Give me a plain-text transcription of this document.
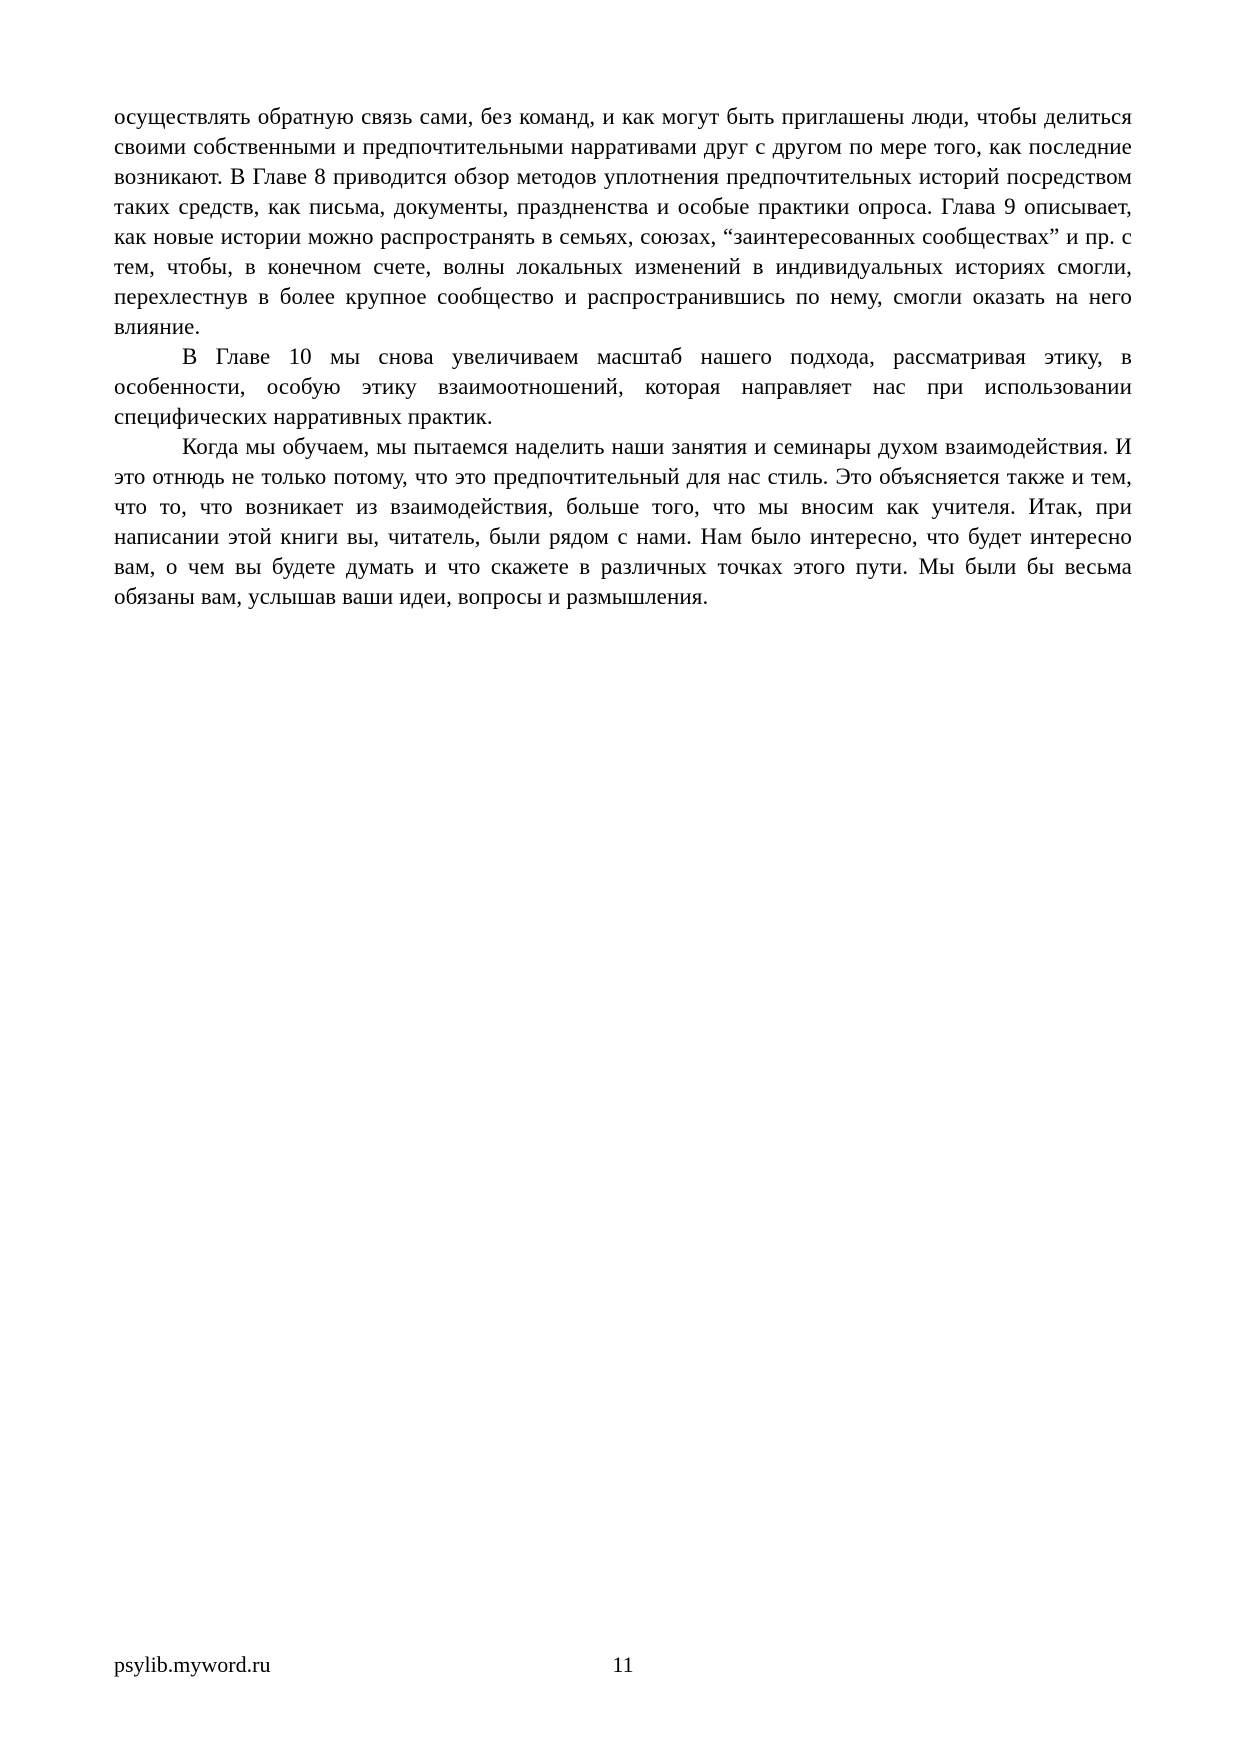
осуществлять обратную связь сами, без команд, и как могут быть приглашены люди, чтобы делиться своими собственными и предпочтительными нарративами друг с другом по мере того, как последние возникают. В Главе 8 приводится обзор методов уплотнения предпочтительных историй посредством таких средств, как письма, документы, праздненства и особые практики опроса. Глава 9 описывает, как новые истории можно распространять в семьях, союзах, “заинтересованных сообществах” и пр. с тем, чтобы, в конечном счете, волны локальных изменений в индивидуальных историях смогли, перехлестнув в более крупное сообщество и распространившись по нему, смогли оказать на него влияние.

В Главе 10 мы снова увеличиваем масштаб нашего подхода, рассматривая этику, в особенности, особую этику взаимоотношений, которая направляет нас при использовании специфических нарративных практик.

Когда мы обучаем, мы пытаемся наделить наши занятия и семинары духом взаимодействия. И это отнюдь не только потому, что это предпочтительный для нас стиль. Это объясняется также и тем, что то, что возникает из взаимодействия, больше того, что мы вносим как учителя. Итак, при написании этой книги вы, читатель, были рядом с нами. Нам было интересно, что будет интересно вам, о чем вы будете думать и что скажете в различных точках этого пути. Мы были бы весьма обязаны вам, услышав ваши идеи, вопросы и размышления.

psylib.myword.ru	11
